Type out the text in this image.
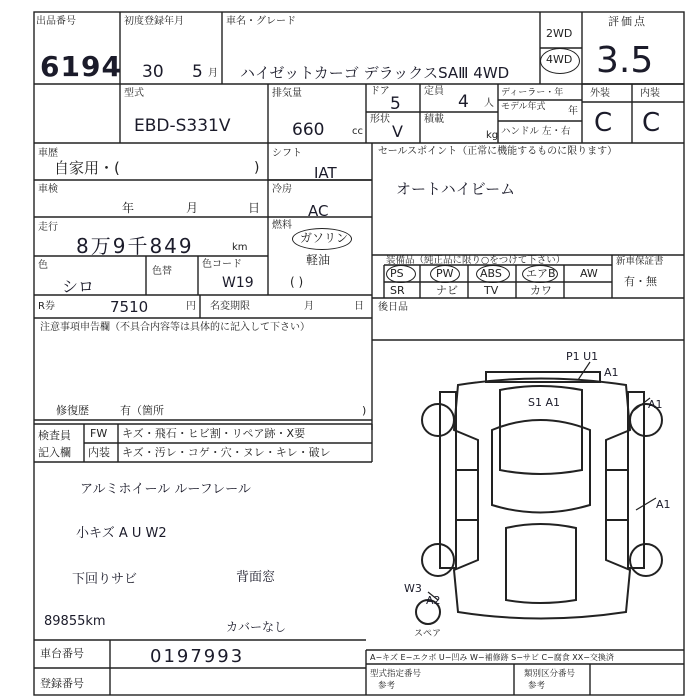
出品番号
6194
初度登録年月
30 5 月
車名・グレード
ハイゼットカーゴ デラックスSAⅢ 4WD
2WD
4WD
評価点
3.5
型式
EBD-S331V
排気量
660	cc
ドア
5
定員
4 人
形状
V
積載
kg
ディーラー・年
モデル年式 年
ハンドル 左・右
外装	内装
C C
車歴
自家用・(	)
シフト
IAT
車検
年	月	日
冷房
AC
走行
8万9千849	km
燃料
ガソリン
軽油
( )
色
シロ
色替
色コード
W19
R券	7510	円 名変期限	月	日
セールスポイント（正常に機能するものに限ります）
オートハイビーム
装備品（純正品に限り○をつけて下さい）	新車保証書
有・無
PS	PW ABS エアB AW
SR	ナビ TV	カワ
後日品
注意事項申告欄（不具合内容等は具体的に記入して下さい）
修復歴	有（箇所	)
検査員
記入欄
FW キズ・飛石・ヒビ割・リペア跡・X要
内装 キズ・汚レ・コゲ・穴・ヌレ・キレ・破レ
アルミホイール ルーフレール
小キズ A U W2
下回りサビ	背面窓
89855km	カバーなし
P1 U1
A1
A1
S1 A1
A1
W3
A2
スペア
A−キズ E−エクボ U−凹み W−補修跡 S−サビ C−腐食 XX−交換済
型式指定番号	類別区分番号
参考	参考
車台番号	0197993
登録番号
